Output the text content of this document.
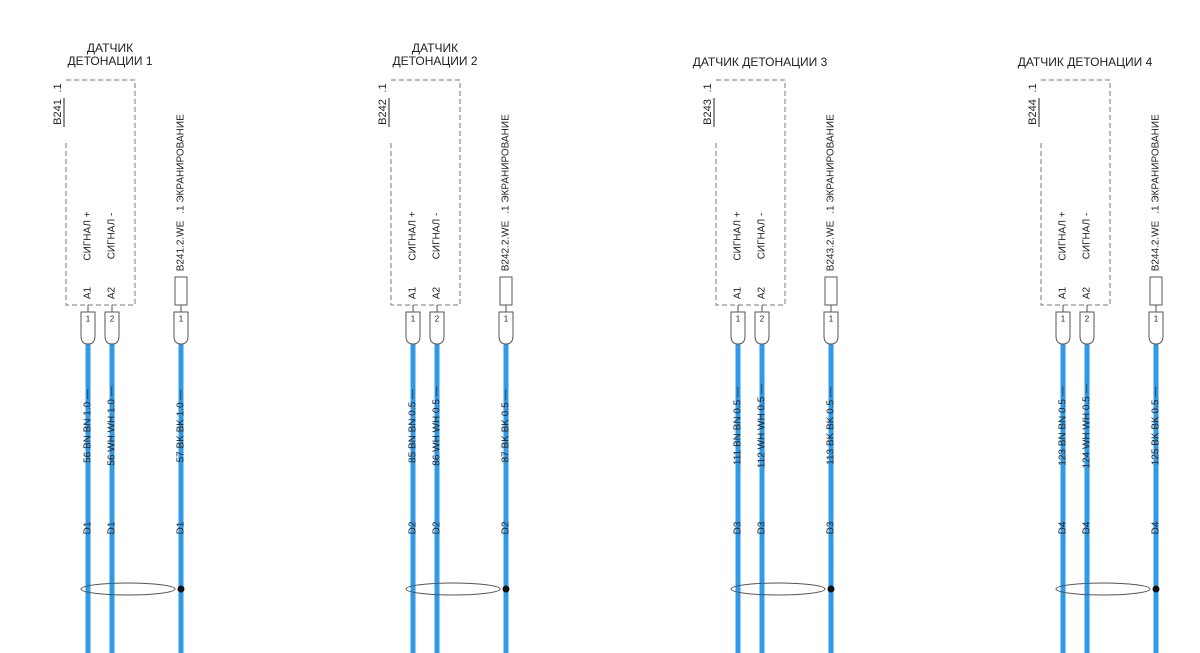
ДАТЧИК
ДЕТОНАЦИИ 1
B241
.1
СИГНАЛ + СИГНАЛ -
.1 ЭКРАНИРОВАНИЕ
B241.2.WE
A1 A2
1 2	1
56 BN BN 1.0 — 56 WH WH 1.0 —	57 BK BK 1.0 —
D1 D1	D1
ДАТЧИК
ДЕТОНАЦИИ 2
B242
.1
СИГНАЛ + СИГНАЛ -
.1 ЭКРАНИРОВАНИЕ
B242.2.WE
A1 A2
1 2	1
85 BN BN 0.5 — 86 WH WH 0.5 —	87 BK BK 0.5 —
D2 D2	D2
ДАТЧИК ДЕТОНАЦИИ 3
B243
.1
СИГНАЛ + СИГНАЛ -
.1 ЭКРАНИРОВАНИЕ
B243.2.WE
A1 A2
1 2	1
111 BN BN 0.5 — 112 WH WH 0.5 —	113 BK BK 0.5 —
D3 D3	D3
ДАТЧИК ДЕТОНАЦИИ 4
B244
.1
СИГНАЛ + СИГНАЛ -
.1 ЭКРАНИРОВАНИЕ
B244.2.WE
A1 A2
1 2	1
123 BN BN 0.5 — 124 WH WH 0.5 —	125 BK BK 0.5 —
D4 D4	D4
